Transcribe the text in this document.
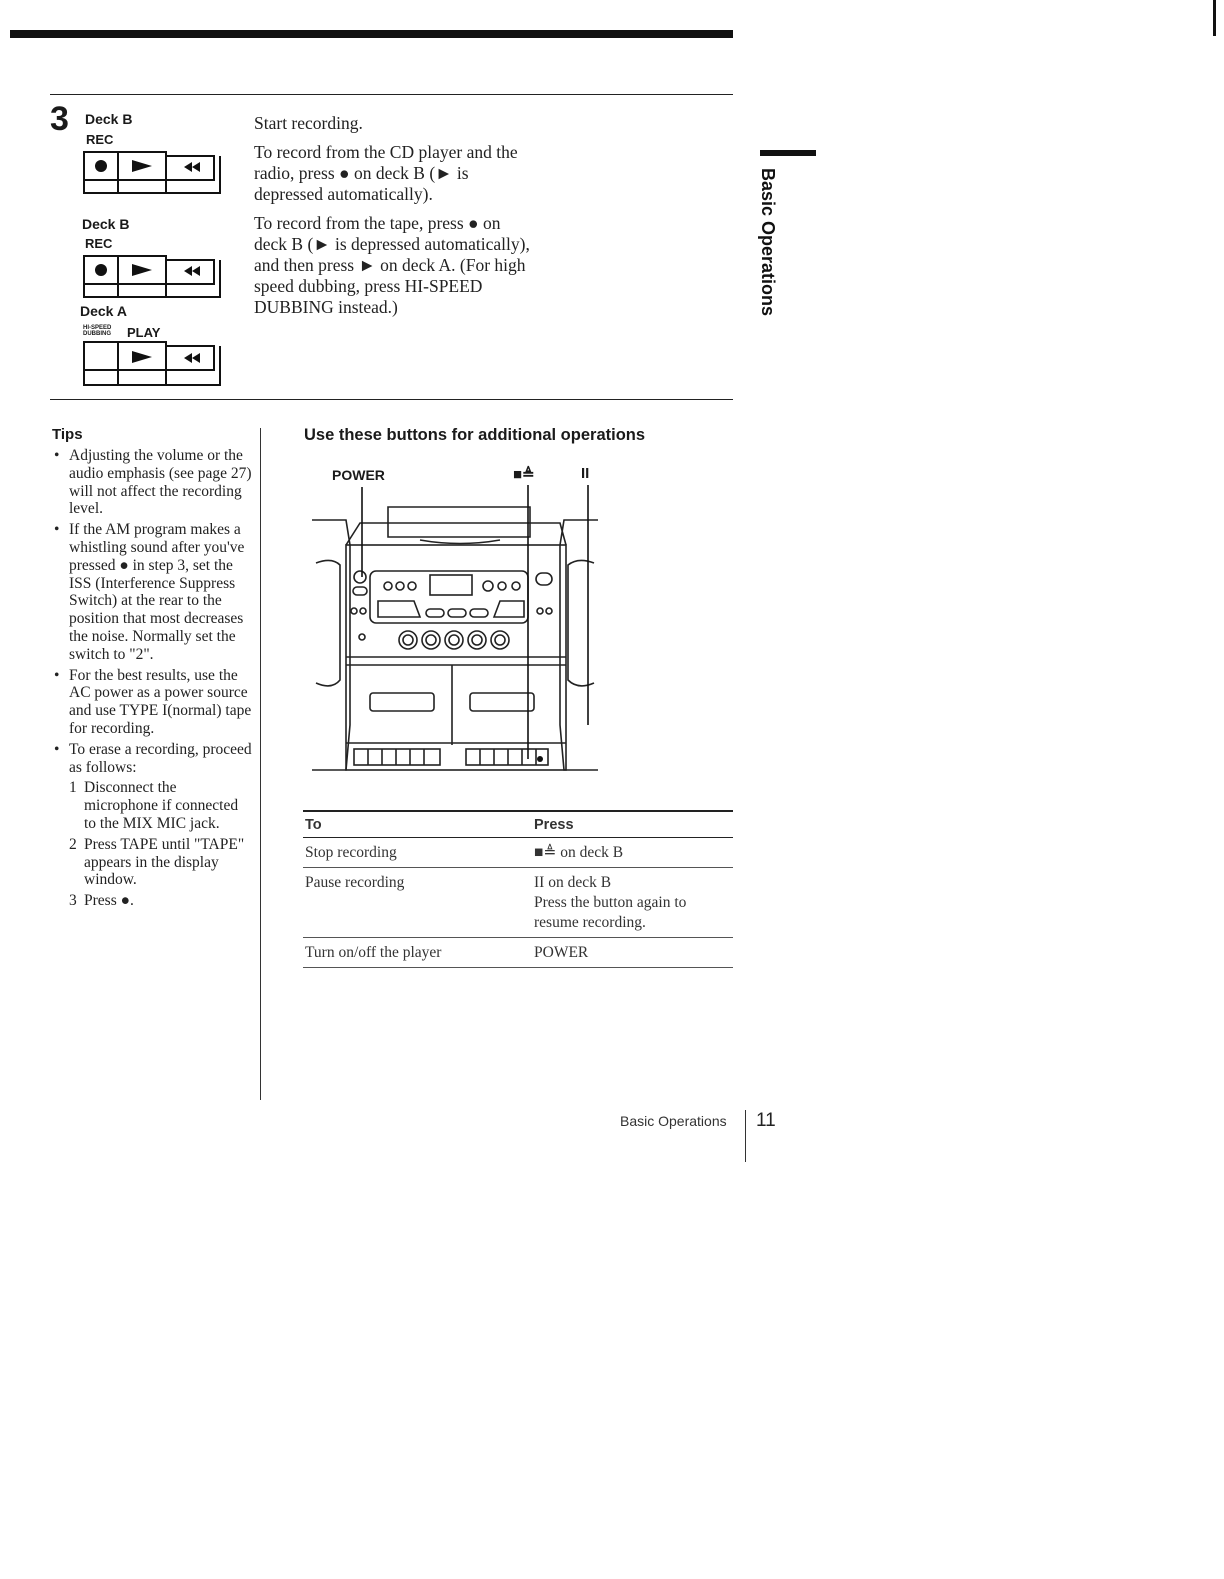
3 Deck B
REC
Deck B
REC
Deck A
HI-SPEED
DUBBING PLAY

Start recording.

To record from the CD player and the radio, press ● on deck B (► is depressed automatically).

To record from the tape, press ● on deck B (► is depressed automatically), and then press ► on deck A. (For high speed dubbing, press HI-SPEED DUBBING instead.)	Basic Operations
Tips
• Adjusting the volume or the audio emphasis (see page 27) will not affect the recording level.
• If the AM program makes a whistling sound after you've pressed ● in step 3, set the ISS (Interference Suppress Switch) at the rear to the position that most decreases the noise. Normally set the switch to "2".
• For the best results, use the AC power as a power source and use TYPE I(normal) tape for recording.
• To erase a recording, proceed as follows:
1 Disconnect the microphone if connected to the MIX MIC jack.
2 Press TAPE until "TAPE" appears in the display window.
3 Press ●.
Use these buttons for additional operations
POWER	■≜	II
To	Press
Stop recording	■≜ on deck B

Pause recording	II on deck B
Press the button again to resume recording.

Turn on/off the player	POWER
Basic Operations 11
